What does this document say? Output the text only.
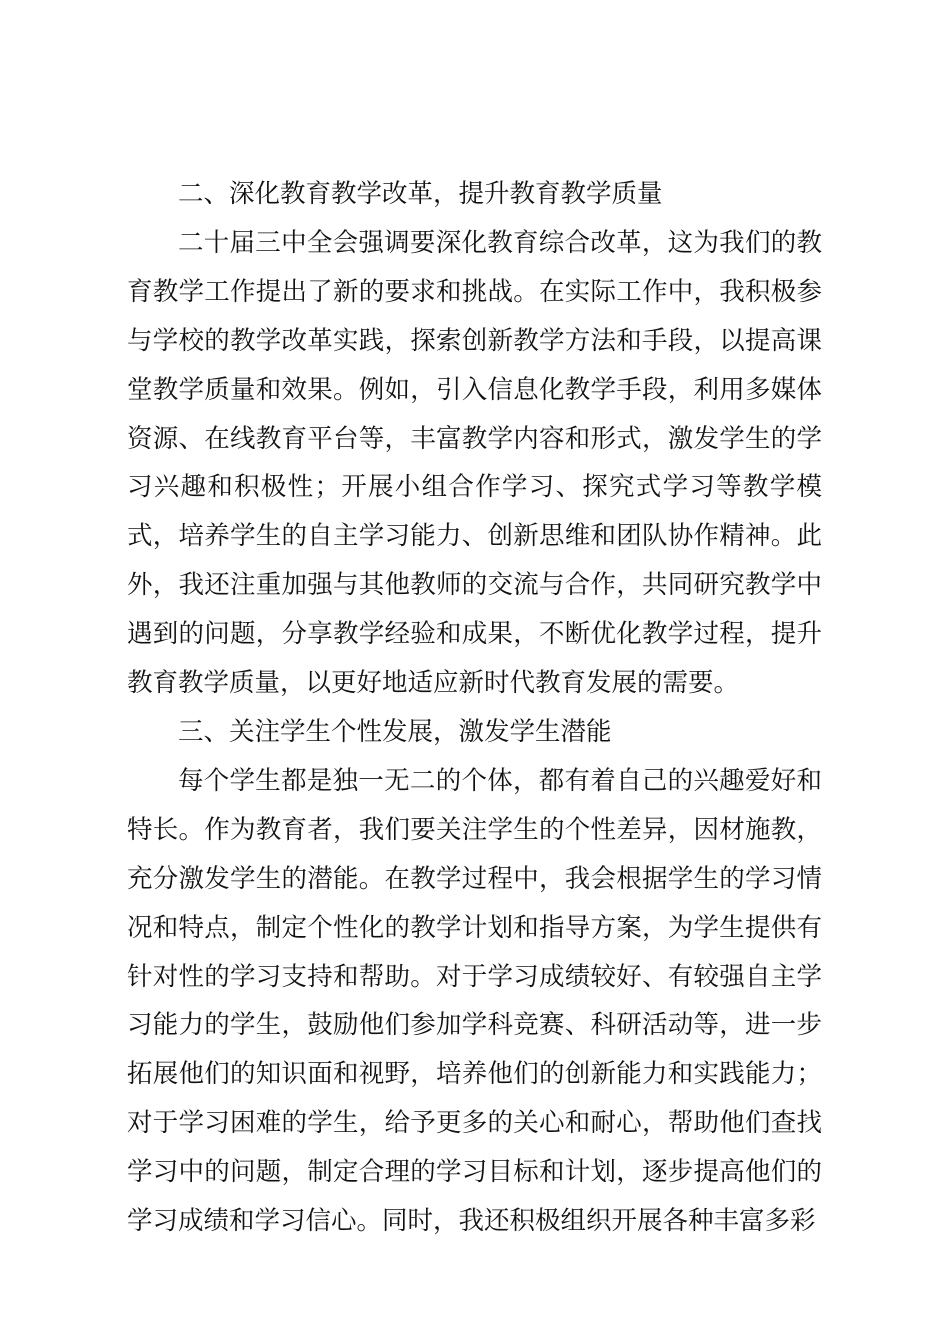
二、深化教育教学改革，提升教育教学质量

二十届三中全会强调要深化教育综合改革，这为我们的教育教学工作提出了新的要求和挑战。在实际工作中，我积极参与学校的教学改革实践，探索创新教学方法和手段，以提高课堂教学质量和效果。例如，引入信息化教学手段，利用多媒体资源、在线教育平台等，丰富教学内容和形式，激发学生的学习兴趣和积极性；开展小组合作学习、探究式学习等教学模式，培养学生的自主学习能力、创新思维和团队协作精神。此外，我还注重加强与其他教师的交流与合作，共同研究教学中遇到的问题，分享教学经验和成果，不断优化教学过程，提升教育教学质量，以更好地适应新时代教育发展的需要。

三、关注学生个性发展，激发学生潜能

每个学生都是独一无二的个体，都有着自己的兴趣爱好和特长。作为教育者，我们要关注学生的个性差异，因材施教，充分激发学生的潜能。在教学过程中，我会根据学生的学习情况和特点，制定个性化的教学计划和指导方案，为学生提供有针对性的学习支持和帮助。对于学习成绩较好、有较强自主学习能力的学生，鼓励他们参加学科竞赛、科研活动等，进一步拓展他们的知识面和视野，培养他们的创新能力和实践能力；对于学习困难的学生，给予更多的关心和耐心，帮助他们查找学习中的问题，制定合理的学习目标和计划，逐步提高他们的学习成绩和学习信心。同时，我还积极组织开展各种丰富多彩
